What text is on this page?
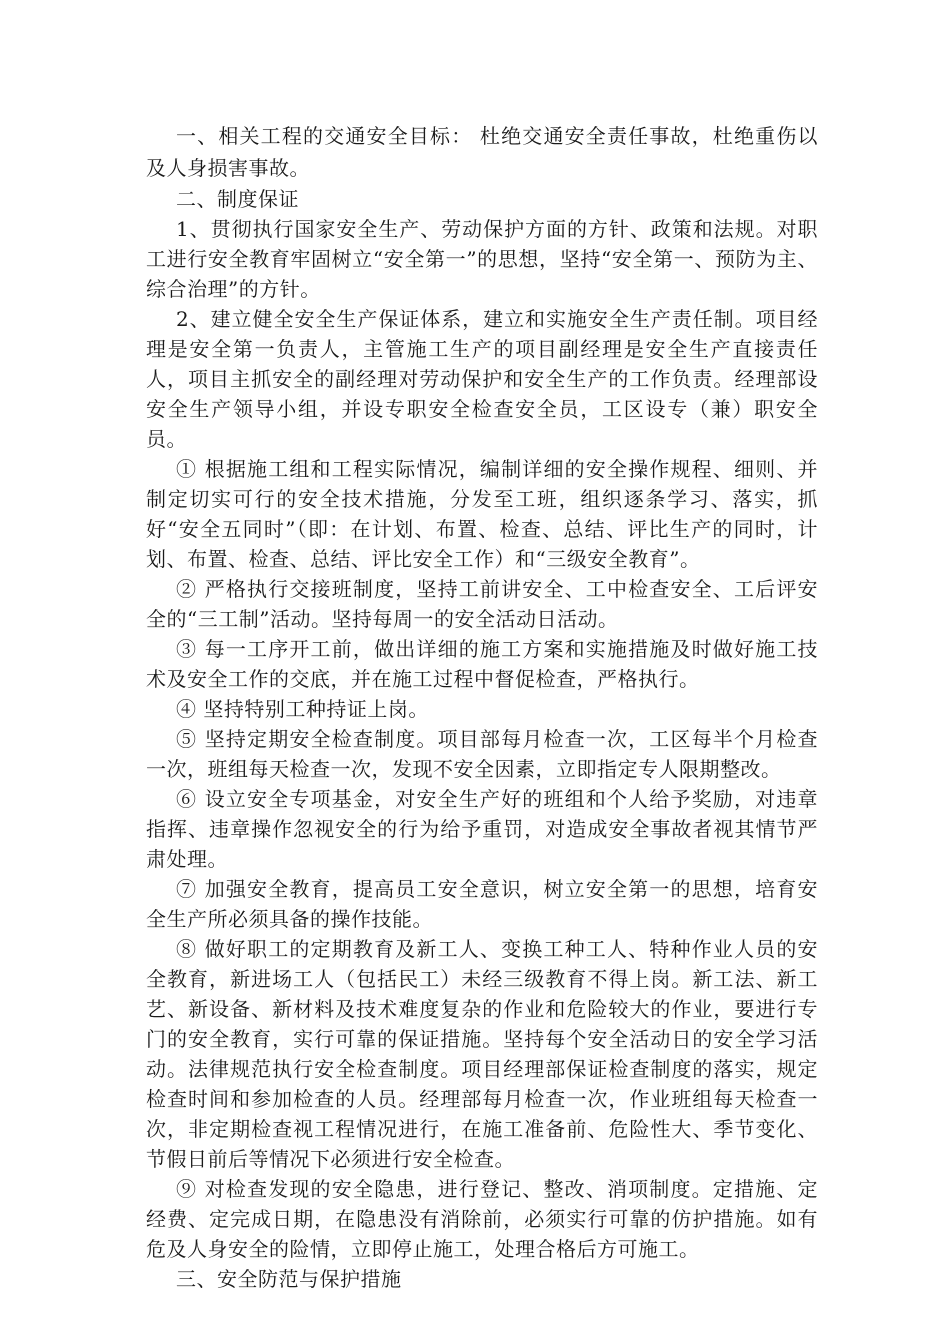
一、相关工程的交通安全目标： 杜绝交通安全责任事故，杜绝重伤以及人身损害事故。

二、制度保证

1、贯彻执行国家安全生产、劳动保护方面的方针、政策和法规。对职工进行安全教育牢固树立“安全第一”的思想，坚持“安全第一、预防为主、综合治理”的方针。

2、建立健全安全生产保证体系，建立和实施安全生产责任制。项目经理是安全第一负责人，主管施工生产的项目副经理是安全生产直接责任人，项目主抓安全的副经理对劳动保护和安全生产的工作负责。经理部设安全生产领导小组，并设专职安全检查安全员，工区设专（兼）职安全员。

① 根据施工组和工程实际情况，编制详细的安全操作规程、细则、并制定切实可行的安全技术措施，分发至工班，组织逐条学习、落实，抓好“安全五同时”（即：在计划、布置、检查、总结、评比生产的同时，计划、布置、检查、总结、评比安全工作）和“三级安全教育”。

② 严格执行交接班制度，坚持工前讲安全、工中检查安全、工后评安全的“三工制”活动。坚持每周一的安全活动日活动。

③ 每一工序开工前，做出详细的施工方案和实施措施及时做好施工技术及安全工作的交底，并在施工过程中督促检查，严格执行。

④ 坚持特别工种持证上岗。

⑤ 坚持定期安全检查制度。项目部每月检查一次，工区每半个月检查一次，班组每天检查一次，发现不安全因素，立即指定专人限期整改。

⑥ 设立安全专项基金，对安全生产好的班组和个人给予奖励，对违章指挥、违章操作忽视安全的行为给予重罚，对造成安全事故者视其情节严肃处理。

⑦ 加强安全教育，提高员工安全意识，树立安全第一的思想，培育安全生产所必须具备的操作技能。

⑧ 做好职工的定期教育及新工人、变换工种工人、特种作业人员的安全教育，新进场工人（包括民工）未经三级教育不得上岗。新工法、新工艺、新设备、新材料及技术难度复杂的作业和危险较大的作业，要进行专门的安全教育，实行可靠的保证措施。坚持每个安全活动日的安全学习活动。法律规范执行安全检查制度。项目经理部保证检查制度的落实，规定检查时间和参加检查的人员。经理部每月检查一次，作业班组每天检查一次，非定期检查视工程情况进行，在施工准备前、危险性大、季节变化、节假日前后等情况下必须进行安全检查。

⑨ 对检查发现的安全隐患，进行登记、整改、消项制度。定措施、定经费、定完成日期，在隐患没有消除前，必须实行可靠的仿护措施。如有危及人身安全的险情，立即停止施工，处理合格后方可施工。

三、安全防范与保护措施
